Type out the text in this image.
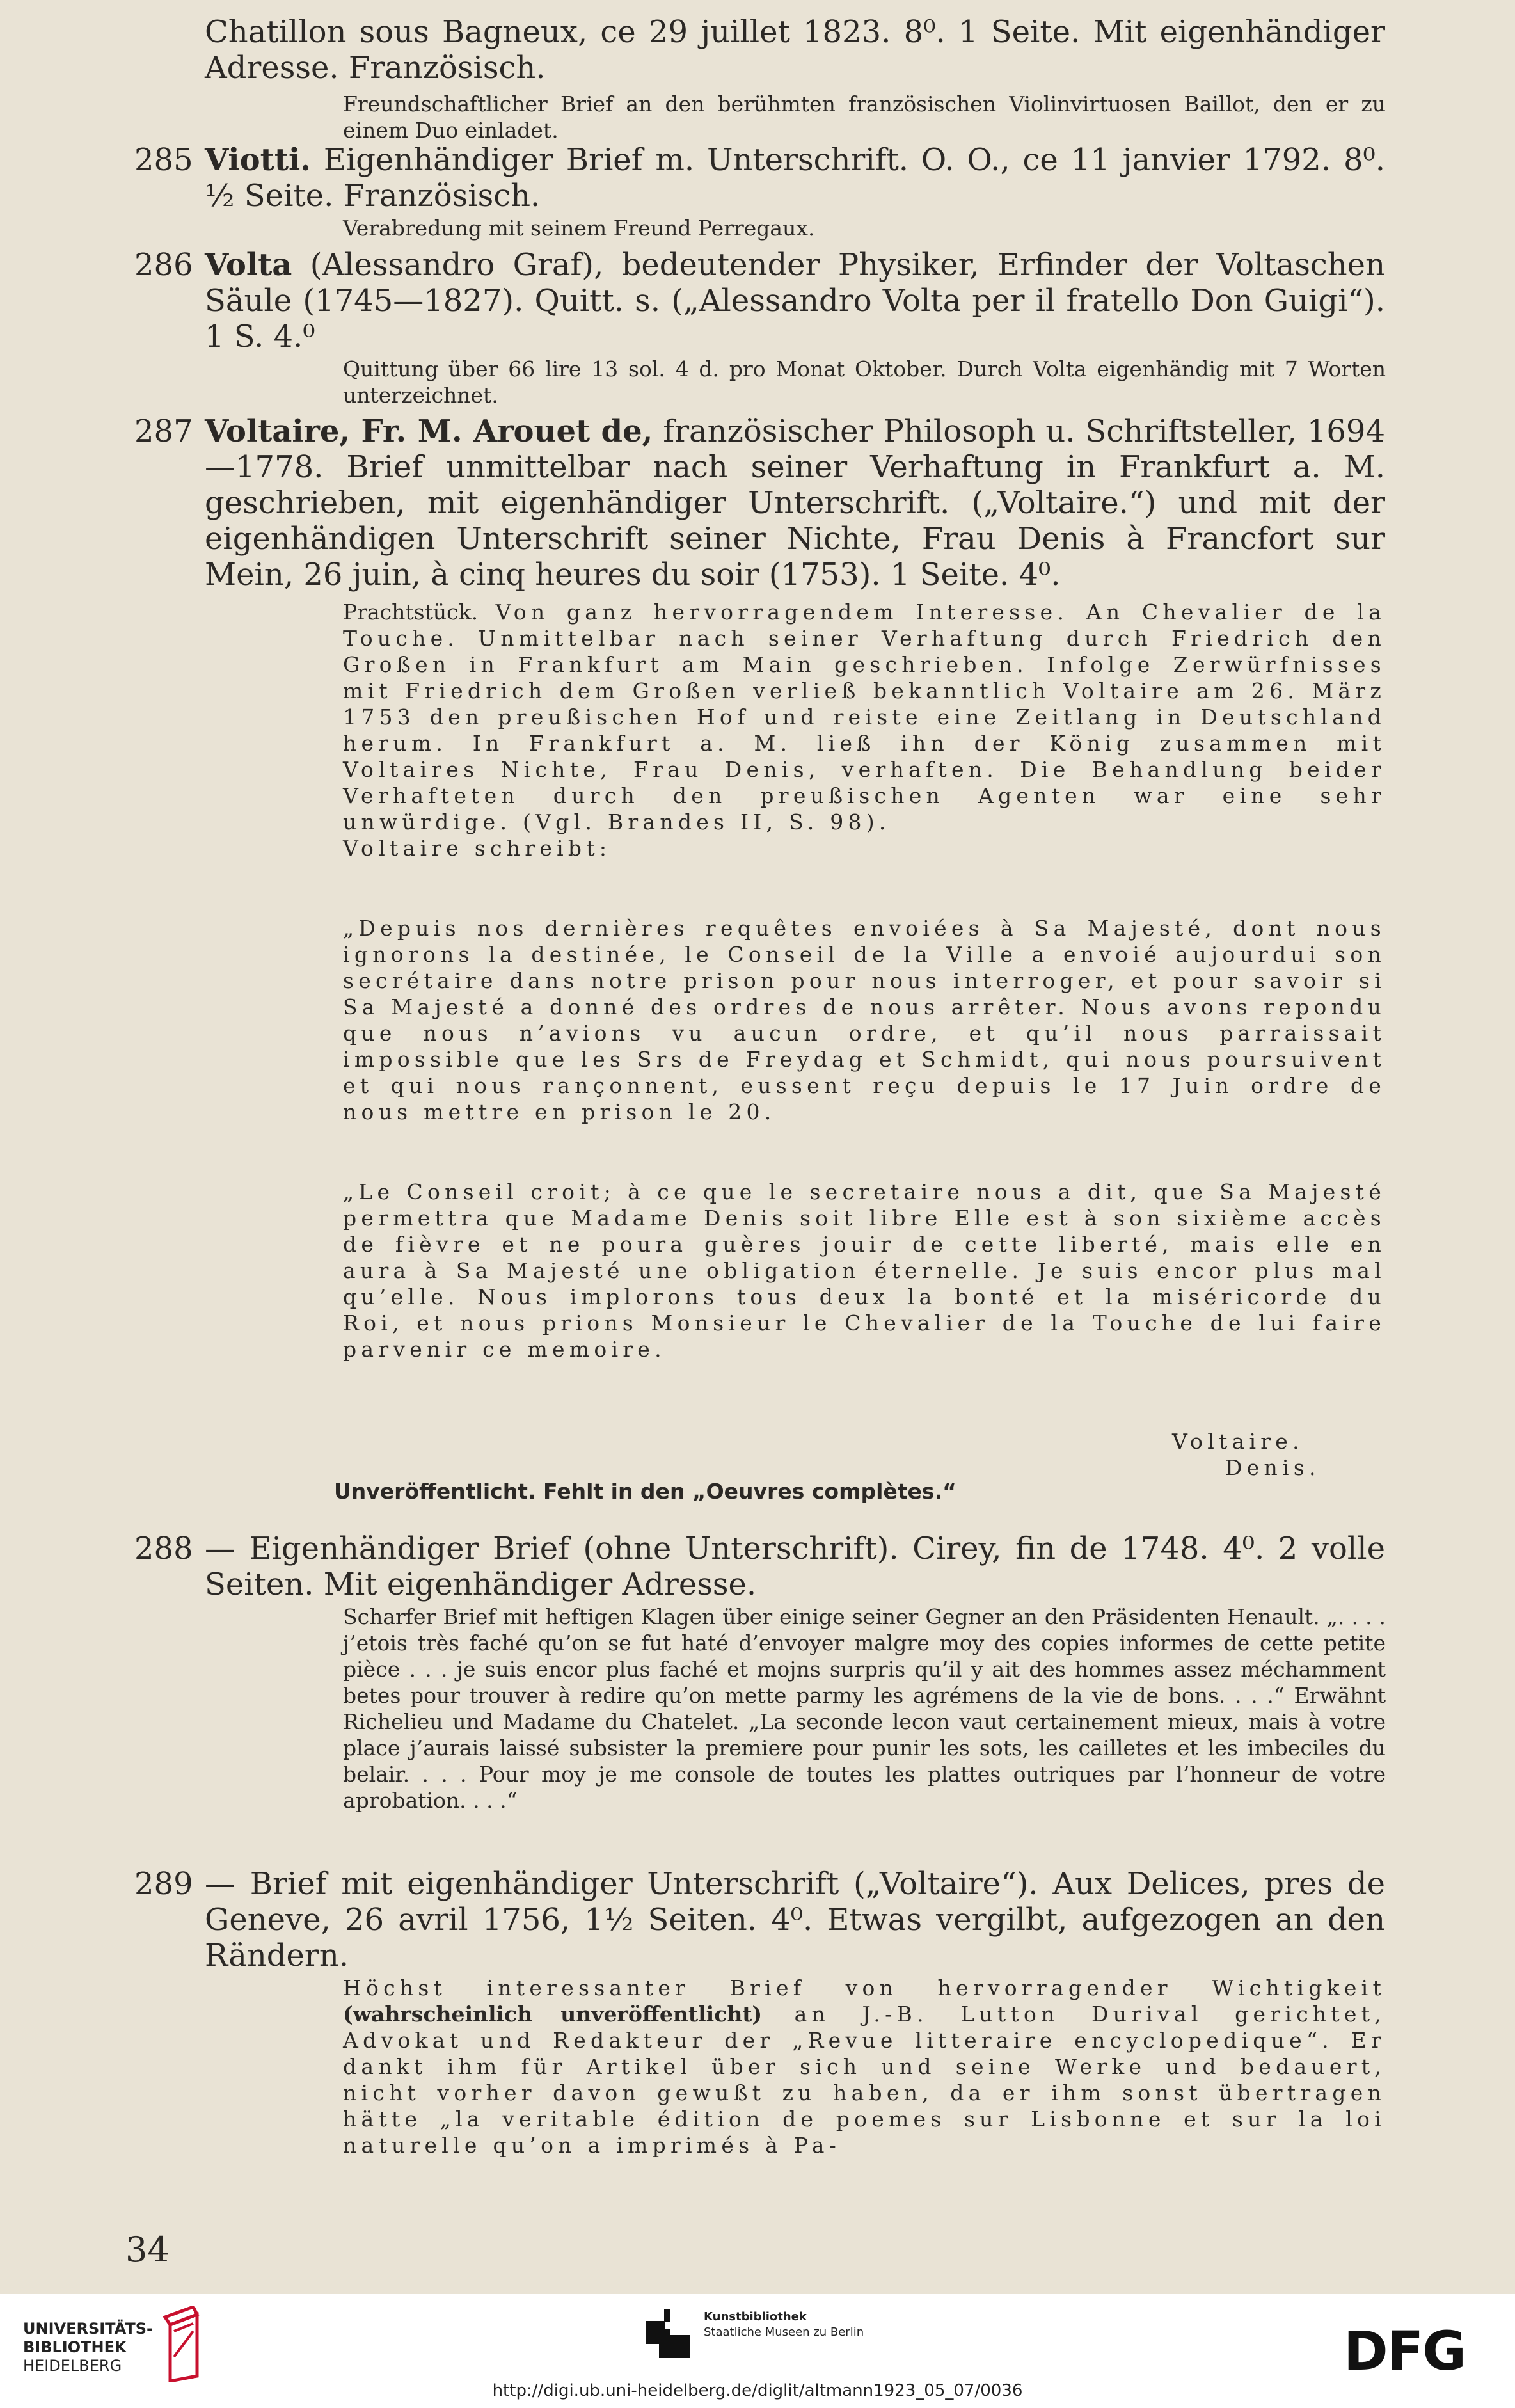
Chatillon sous Bagneux, ce 29 juillet 1823. 8⁰. 1 Seite. Mit eigenhändiger Adresse. Französisch.
Freundschaftlicher Brief an den berühmten französischen Violinvirtuosen Baillot, den er zu einem Duo einladet.
285 Viotti. Eigenhändiger Brief m. Unterschrift. O. O., ce 11 janvier 1792. 8⁰. ½ Seite. Französisch.
Verabredung mit seinem Freund Perregaux.
286 Volta (Alessandro Graf), bedeutender Physiker, Erfinder der Voltaschen Säule (1745—1827). Quitt. s. („Alessandro Volta per il fratello Don Guigi“). 1 S. 4.⁰
Quittung über 66 lire 13 sol. 4 d. pro Monat Oktober. Durch Volta eigenhändig mit 7 Worten unterzeichnet.
287 Voltaire, Fr. M. Arouet de, französischer Philosoph u. Schriftsteller, 1694—1778. Brief unmittelbar nach seiner Verhaftung in Frankfurt a. M. geschrieben, mit eigenhändiger Unterschrift. („Voltaire.“) und mit der eigenhändigen Unterschrift seiner Nichte, Frau Denis à Francfort sur Mein, 26 juin, à cinq heures du soir (1753). 1 Seite. 4⁰.
Prachtstück. Von ganz hervorragendem Interesse. An Chevalier de la Touche. Unmittelbar nach seiner Verhaftung durch Friedrich den Großen in Frankfurt am Main geschrieben. Infolge Zerwürfnisses mit Friedrich dem Großen verließ bekanntlich Voltaire am 26. März 1753 den preußischen Hof und reiste eine Zeitlang in Deutschland herum. In Frankfurt a. M. ließ ihn der König zusammen mit Voltaires Nichte, Frau Denis, verhaften. Die Behandlung beider Verhafteten durch den preußischen Agenten war eine sehr unwürdige. (Vgl. Brandes II, S. 98).
Voltaire schreibt:
„Depuis nos dernières requêtes envoiées à Sa Majesté, dont nous ignorons la destinée, le Conseil de la Ville a envoié aujourdui son secrétaire dans notre prison pour nous interroger, et pour savoir si Sa Majesté a donné des ordres de nous arrêter. Nous avons repondu que nous n’avions vu aucun ordre, et qu’il nous parraissait impossible que les Srs de Freydag et Schmidt, qui nous poursuivent et qui nous rançonnent, eussent reçu depuis le 17 Juin ordre de nous mettre en prison le 20.
„Le Conseil croit; à ce que le secretaire nous a dit, que Sa Majesté permettra que Madame Denis soit libre Elle est à son sixième accès de fièvre et ne poura guères jouir de cette liberté, mais elle en aura à Sa Majesté une obligation éternelle. Je suis encor plus mal qu’elle. Nous implorons tous deux la bonté et la miséricorde du Roi, et nous prions Monsieur le Chevalier de la Touche de lui faire parvenir ce memoire.
Voltaire.
Denis.
Unveröffentlicht. Fehlt in den „Oeuvres complètes.“
288 — Eigenhändiger Brief (ohne Unterschrift). Cirey, fin de 1748. 4⁰. 2 volle Seiten. Mit eigenhändiger Adresse.
Scharfer Brief mit heftigen Klagen über einige seiner Gegner an den Präsidenten Henault. „. . . . j’etois très faché qu’on se fut haté d’envoyer malgre moy des copies informes de cette petite pièce . . . je suis encor plus faché et mojns surpris qu’il y ait des hommes assez méchamment betes pour trouver à redire qu’on mette parmy les agrémens de la vie de bons. . . .“ Erwähnt Richelieu und Madame du Chatelet. „La seconde lecon vaut certainement mieux, mais à votre place j’aurais laissé subsister la premiere pour punir les sots, les cailletes et les imbeciles du belair. . . . Pour moy je me console de toutes les plattes outriques par l’honneur de votre aprobation. . . .“
289 — Brief mit eigenhändiger Unterschrift („Voltaire“). Aux Delices, pres de Geneve, 26 avril 1756, 1½ Seiten. 4⁰. Etwas vergilbt, aufgezogen an den Rändern.
Höchst interessanter Brief von hervorragender Wichtigkeit (wahrscheinlich unveröffentlicht) an J.-B. Lutton Durival gerichtet, Advokat und Redakteur der „Revue litteraire encyclopedique“. Er dankt ihm für Artikel über sich und seine Werke und bedauert, nicht vorher davon gewußt zu haben, da er ihm sonst übertragen hätte „la veritable édition de poemes sur Lisbonne et sur la loi naturelle qu’on a imprimés à Pa-
34
UNIVERSITÄTS-
BIBLIOTHEK
HEIDELBERG
Kunstbibliothek
Staatliche Museen zu Berlin	DFG
http://digi.ub.uni-heidelberg.de/diglit/altmann1923_05_07/0036
